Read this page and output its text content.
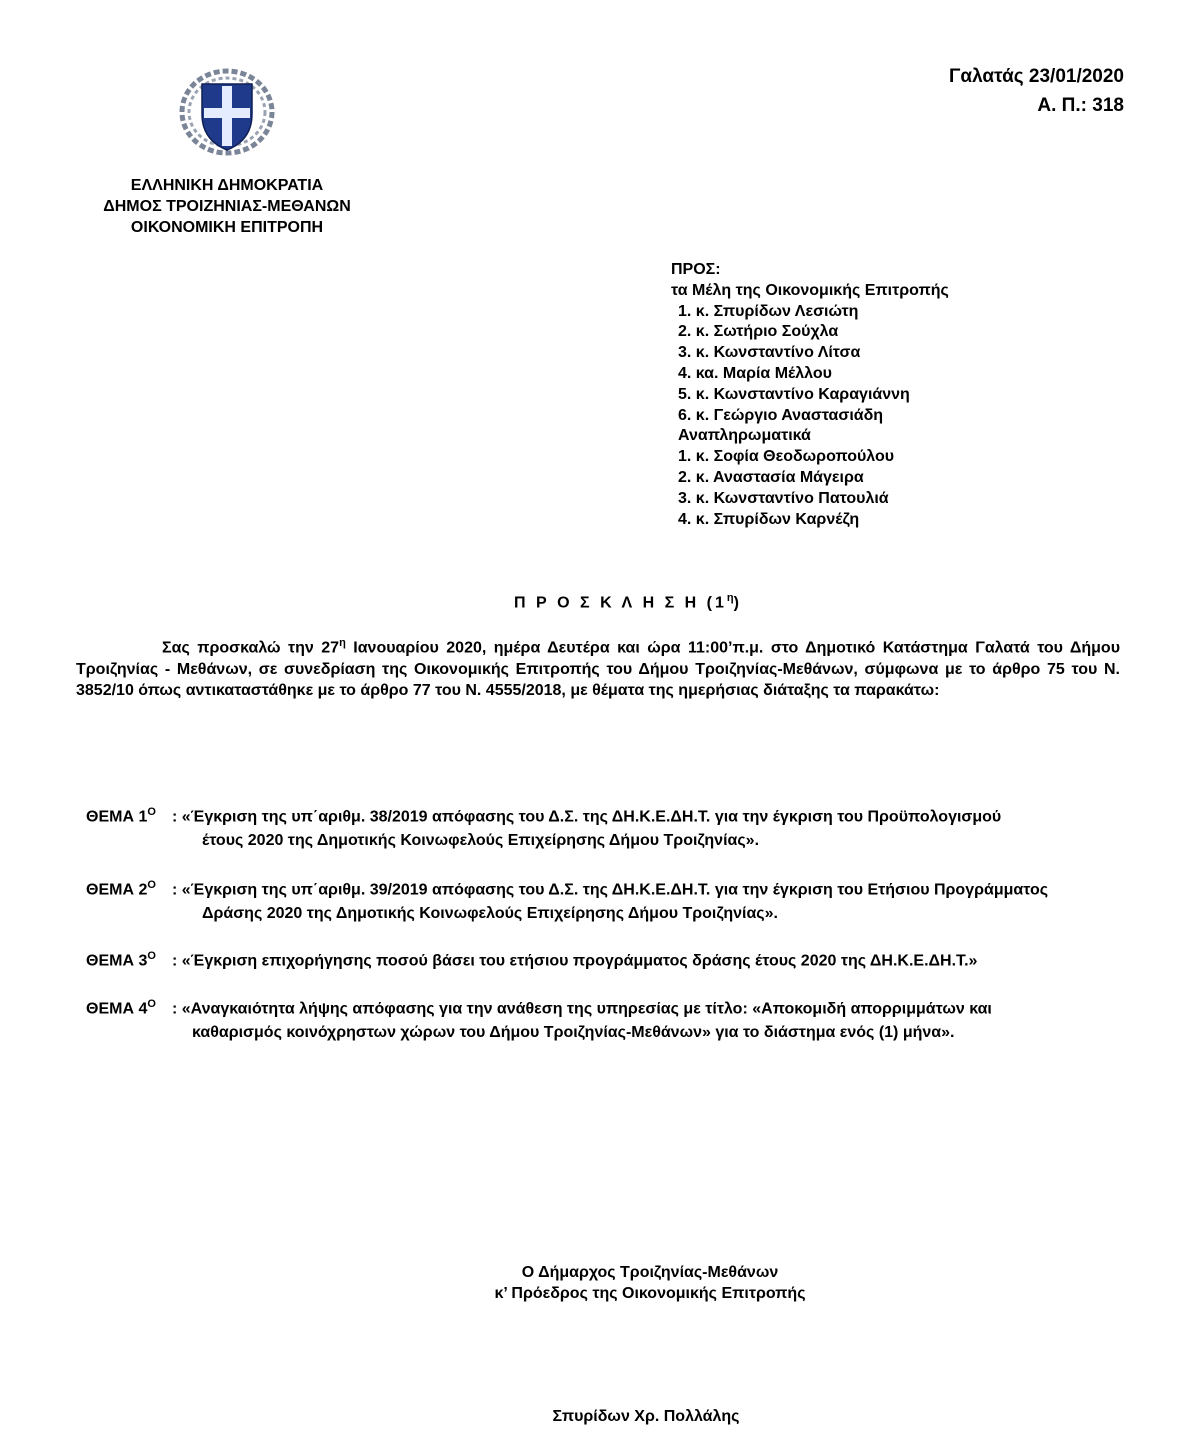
Γαλατάς 23/01/2020
Α. Π.: 318
ΕΛΛΗΝΙΚΗ ΔΗΜΟΚΡΑΤΙΑ
ΔΗΜΟΣ ΤΡΟΙΖΗΝΙΑΣ-ΜΕΘΑΝΩΝ
ΟΙΚΟΝΟΜΙΚΗ ΕΠΙΤΡΟΠΗ
ΠΡΟΣ:
τα Μέλη της Οικονομικής Επιτροπής
1. κ. Σπυρίδων Λεσιώτη
2. κ. Σωτήριο Σούχλα
3. κ. Κωνσταντίνο Λίτσα
4. κα. Μαρία Μέλλου
5. κ. Κωνσταντίνο Καραγιάννη
6. κ. Γεώργιο Αναστασιάδη
Αναπληρωματικά
1. κ. Σοφία Θεοδωροπούλου
2. κ. Αναστασία Μάγειρα
3. κ. Κωνσταντίνο Πατουλιά
4. κ. Σπυρίδων Καρνέζη
Π Ρ Ο Σ Κ Λ Η Σ Η $(1^\eta)$
Σας προσκαλώ την $27^\eta$ Ιανουαρίου 2020, ημέρα Δευτέρα και ώρα 11:00’π.μ. στο Δημοτικό Κατάστημα Γαλατά του Δήμου Τροιζηνίας - Μεθάνων, σε συνεδρίαση της Οικονομικής Επιτροπής του Δήμου Τροιζηνίας-Μεθάνων, σύμφωνα με το άρθρο 75 του Ν. 3852/10 όπως αντικαταστάθηκε με το άρθρο 77 του Ν. 4555/2018, με θέματα της ημερήσιας διάταξης τα παρακάτω:
ΘΕΜΑ $1^O$ : «Έγκριση της υπ΄αριθμ. 38/2019 απόφασης του Δ.Σ. της ΔΗ.Κ.Ε.ΔΗ.Τ. για την έγκριση του Προϋπολογισμού
έτους 2020 της Δημοτικής Κοινωφελούς Επιχείρησης Δήμου Τροιζηνίας».
ΘΕΜΑ $2^O$ : «Έγκριση της υπ΄αριθμ. 39/2019 απόφασης του Δ.Σ. της ΔΗ.Κ.Ε.ΔΗ.Τ. για την έγκριση του Ετήσιου Προγράμματος
Δράσης 2020 της Δημοτικής Κοινωφελούς Επιχείρησης Δήμου Τροιζηνίας».
ΘΕΜΑ $3^O$ : «Έγκριση επιχορήγησης ποσού βάσει του ετήσιου προγράμματος δράσης έτους 2020 της ΔΗ.Κ.Ε.ΔΗ.Τ.»
ΘΕΜΑ $4^O$ : «Αναγκαιότητα λήψης απόφασης για την ανάθεση της υπηρεσίας με τίτλο: «Αποκομιδή απορριμμάτων και
καθαρισμός κοινόχρηστων χώρων του Δήμου Τροιζηνίας-Μεθάνων» για το διάστημα ενός (1) μήνα».
Ο Δήμαρχος Τροιζηνίας-Μεθάνων
κ’ Πρόεδρος της Οικονομικής Επιτροπής
Σπυρίδων Χρ. Πολλάλης
